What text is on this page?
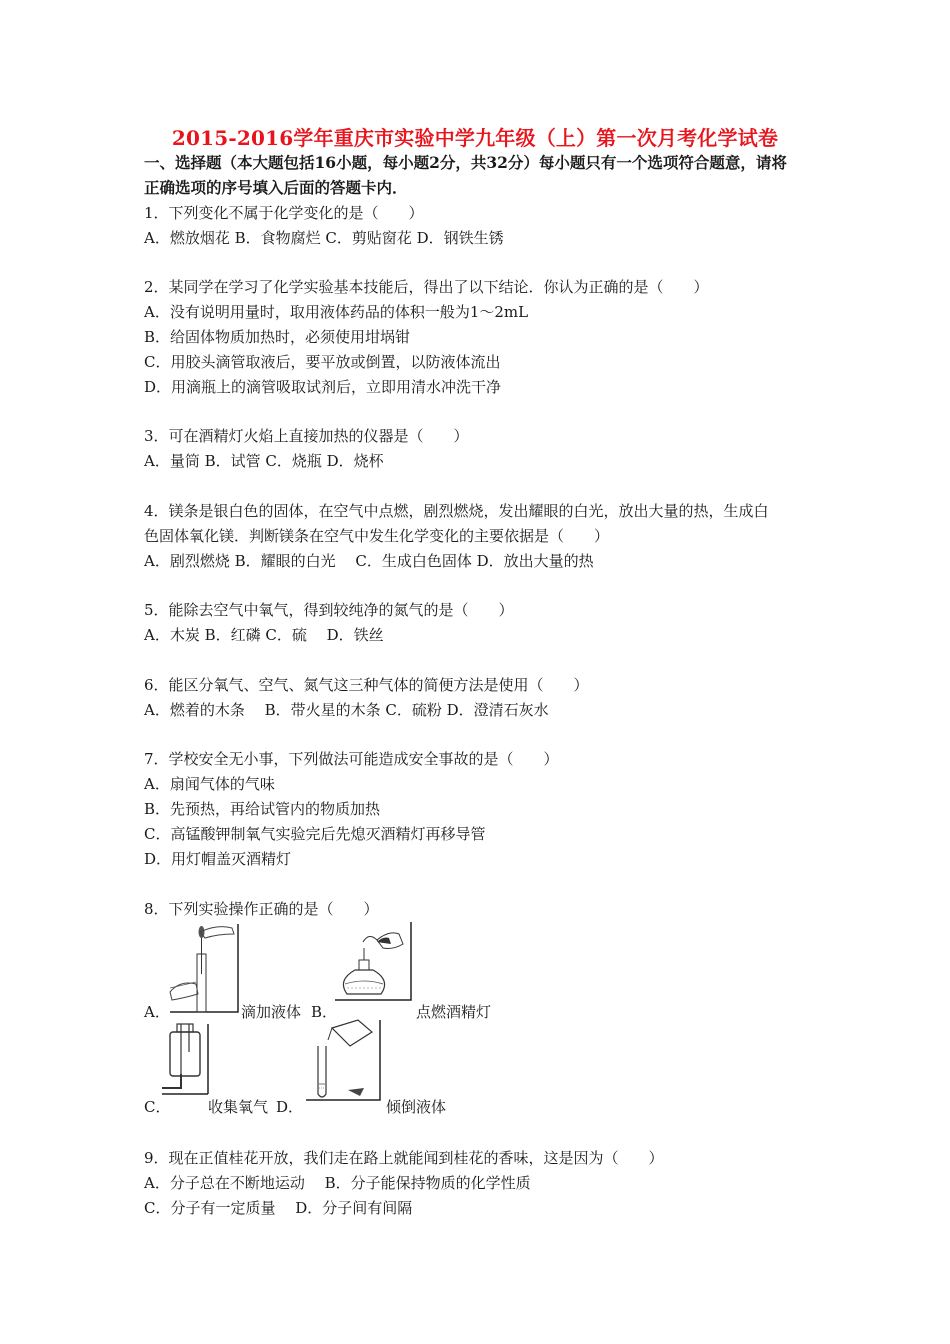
2015-2016学年重庆市实验中学九年级（上）第一次月考化学试卷
一、选择题（本大题包括16小题，每小题2分，共32分）每小题只有一个选项符合题意，请将
正确选项的序号填入后面的答题卡内．
1．下列变化不属于化学变化的是（　　）
A．燃放烟花 B．食物腐烂 C．剪贴窗花 D．钢铁生锈
2．某同学在学习了化学实验基本技能后，得出了以下结论．你认为正确的是（　　）
A．没有说明用量时，取用液体药品的体积一般为1～2mL
B．给固体物质加热时，必须使用坩埚钳
C．用胶头滴管取液后，要平放或倒置，以防液体流出
D．用滴瓶上的滴管吸取试剂后，立即用清水冲洗干净
3．可在酒精灯火焰上直接加热的仪器是（　　）
A．量筒 B．试管 C．烧瓶 D．烧杯
4．镁条是银白色的固体，在空气中点燃，剧烈燃烧，发出耀眼的白光，放出大量的热，生成白
色固体氧化镁．判断镁条在空气中发生化学变化的主要依据是（　　）
A．剧烈燃烧 B．耀眼的白光　 C．生成白色固体 D．放出大量的热
5．能除去空气中氧气，得到较纯净的氮气的是（　　）
A．木炭 B．红磷 C．硫　 D．铁丝
6．能区分氧气、空气、氮气这三种气体的简便方法是使用（　　）
A．燃着的木条　 B．带火星的木条 C．硫粉 D．澄清石灰水
7．学校安全无小事，下列做法可能造成安全事故的是（　　）
A．扇闻气体的气味
B．先预热，再给试管内的物质加热
C．高锰酸钾制氧气实验完后先熄灭酒精灯再移导管
D．用灯帽盖灭酒精灯
8．下列实验操作正确的是（　　）
A．	滴加液体 B．	点燃酒精灯
C．	收集氧气 D．	倾倒液体
9．现在正值桂花开放，我们走在路上就能闻到桂花的香味，这是因为（　　）
A．分子总在不断地运动　 B．分子能保持物质的化学性质
C．分子有一定质量　 D．分子间有间隔
